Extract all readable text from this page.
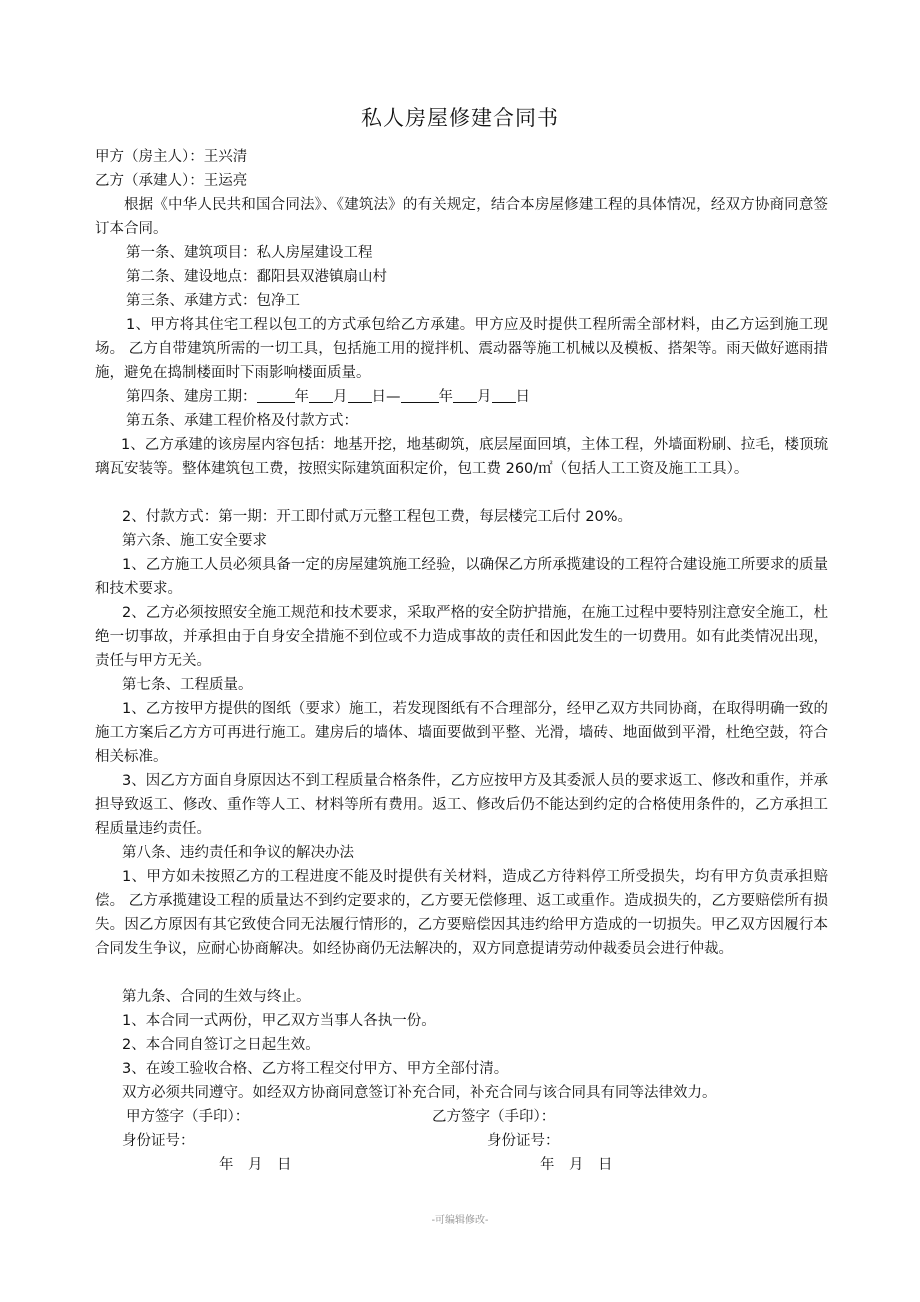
私人房屋修建合同书
甲方（房主人）：王兴清
乙方（承建人）：王运亮
根据《中华人民共和国合同法》、《建筑法》的有关规定，结合本房屋修建工程的具体情况，经双方协商同意签订本合同。
第一条、建筑项目：私人房屋建设工程
第二条、建设地点：鄱阳县双港镇扇山村
第三条、承建方式：包净工
1、甲方将其住宅工程以包工的方式承包给乙方承建。甲方应及时提供工程所需全部材料，由乙方运到施工现场。 乙方自带建筑所需的一切工具，包括施工用的搅拌机、震动器等施工机械以及模板、搭架等。雨天做好遮雨措施，避免在捣制楼面时下雨影响楼面质量。
第四条、建房工期：	年 月 日—	年 月 日
第五条、承建工程价格及付款方式：
1、乙方承建的该房屋内容包括：地基开挖，地基砌筑，底层屋面回填，主体工程，外墙面粉刷、拉毛，楼顶琉璃瓦安装等。整体建筑包工费，按照实际建筑面积定价，包工费 260/㎡（包括人工工资及施工工具）。
2、付款方式：第一期：开工即付贰万元整工程包工费，每层楼完工后付 20%。
第六条、施工安全要求
1、乙方施工人员必须具备一定的房屋建筑施工经验，以确保乙方所承揽建设的工程符合建设施工所要求的质量和技术要求。
2、乙方必须按照安全施工规范和技术要求，采取严格的安全防护措施，在施工过程中要特别注意安全施工，杜绝一切事故，并承担由于自身安全措施不到位或不力造成事故的责任和因此发生的一切费用。如有此类情况出现，责任与甲方无关。
第七条、工程质量。
1、乙方按甲方提供的图纸（要求）施工，若发现图纸有不合理部分，经甲乙双方共同协商，在取得明确一致的施工方案后乙方方可再进行施工。建房后的墙体、墙面要做到平整、光滑，墙砖、地面做到平滑，杜绝空鼓，符合相关标准。
3、因乙方方面自身原因达不到工程质量合格条件，乙方应按甲方及其委派人员的要求返工、修改和重作，并承担导致返工、修改、重作等人工、材料等所有费用。返工、修改后仍不能达到约定的合格使用条件的，乙方承担工程质量违约责任。
第八条、违约责任和争议的解决办法
1、甲方如未按照乙方的工程进度不能及时提供有关材料，造成乙方待料停工所受损失，均有甲方负责承担赔偿。 乙方承揽建设工程的质量达不到约定要求的，乙方要无偿修理、返工或重作。造成损失的，乙方要赔偿所有损失。因乙方原因有其它致使合同无法履行情形的，乙方要赔偿因其违约给甲方造成的一切损失。甲乙双方因履行本合同发生争议，应耐心协商解决。如经协商仍无法解决的，双方同意提请劳动仲裁委员会进行仲裁。
第九条、合同的生效与终止。
1、本合同一式两份，甲乙双方当事人各执一份。
2、本合同自签订之日起生效。
3、在竣工验收合格、乙方将工程交付甲方、甲方全部付清。
双方必须共同遵守。如经双方协商同意签订补充合同，补充合同与该合同具有同等法律效力。
甲方签字（手印）：	乙方签字（手印）：
身份证号：	身份证号：
年　月　日	年　月　日
-可编辑修改-
